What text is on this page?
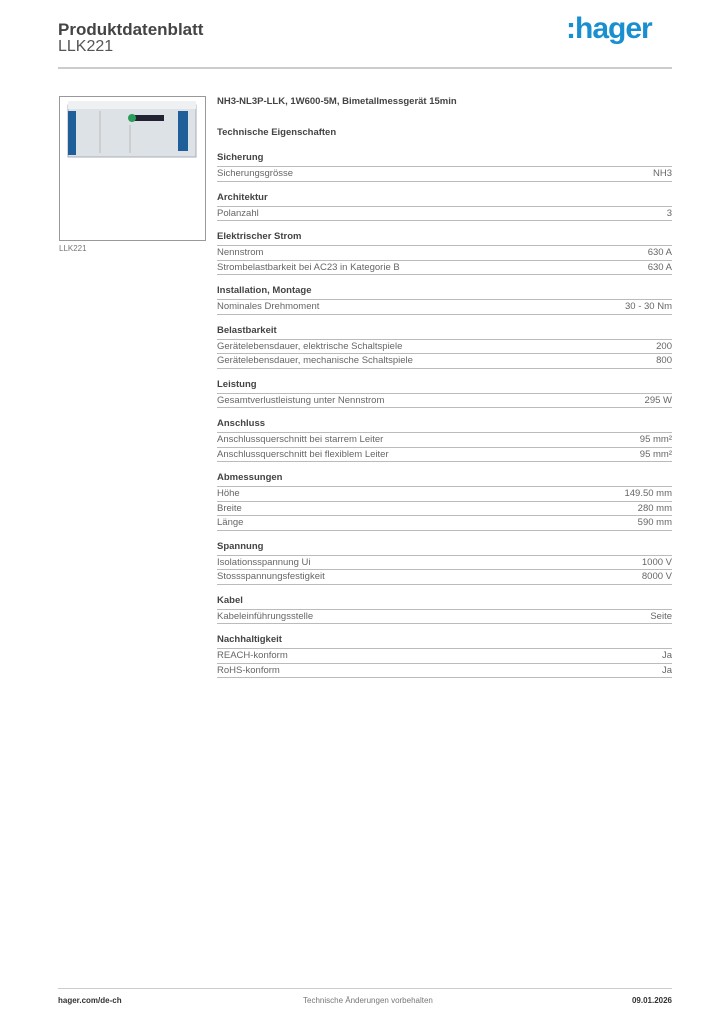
Produktdatenblatt
LLK221
:hager
LLK221
NH3-NL3P-LLK, 1W600-5M, Bimetallmessgerät 15min
Technische Eigenschaften
Sicherung
Sicherungsgrösse	NH3
Architektur
Polanzahl	3
Elektrischer Strom
Nennstrom	630 A
Strombelastbarkeit bei AC23 in Kategorie B	630 A
Installation, Montage
Nominales Drehmoment	30 - 30 Nm
Belastbarkeit
Gerätelebensdauer, elektrische Schaltspiele	200
Gerätelebensdauer, mechanische Schaltspiele	800
Leistung
Gesamtverlustleistung unter Nennstrom	295 W
Anschluss
Anschlussquerschnitt bei starrem Leiter	95 mm²
Anschlussquerschnitt bei flexiblem Leiter	95 mm²
Abmessungen
Höhe	149.50 mm
Breite	280 mm
Länge	590 mm
Spannung
Isolationsspannung Ui	1000 V
Stossspannungsfestigkeit	8000 V
Kabel
Kabeleinführungsstelle	Seite
Nachhaltigkeit
REACH-konform	Ja
RoHS-konform	Ja
hager.com/de-ch	Technische Änderungen vorbehalten	09.01.2026
